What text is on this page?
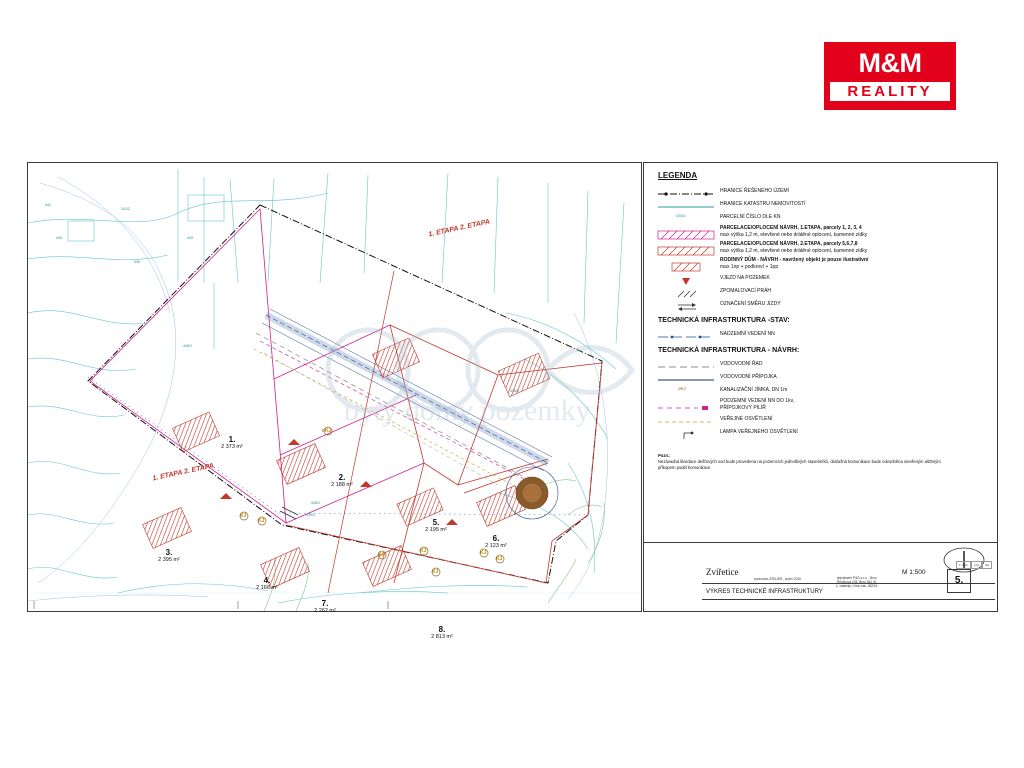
M&M
REALITY
1.
2 373 m²
2.
2 188 m²
3.
2 395 m²
4.
2 166 m²
5.
2 195 m²
6.
2 123 m²
7.
2 262 m²
8.
2 813 m²
1. ETAPA 2. ETAPA
1. ETAPA 2. ETAPA
KJ
KJ
oKJ
KJ
KJ	KJ
KJ
KJ
436/1
434/1
439
440
441
446/2
436/3
445
101/2
443
byty domy pozemky
LEGENDA
HRANICE ŘEŠENÉHO ÚZEMÍ
HRANICE KATASTRU NEMOVITOSTÍ
436/1	PARCELNÍ ČÍSLO DLE KN
PARCELACE/OPLOCENÍ NÁVRH, 1.ETAPA, parcely 1, 2, 3, 4
max výška 1,2 m, otevřené nebo drátěné oplocení, kamenné zídky
PARCELACE/OPLOCENÍ NÁVRH, 2.ETAPA, parcely 5,6,7,8
max výška 1,2 m, otevřené nebo drátěné oplocení, kamenné zídky
RODINNÝ DŮM - NÁVRH - navržený objekt je pouze ilustrativní
max 1np + podkroví + 1pp
VJEZD NA POZEMEK
ZPOMALOVACÍ PRÁH
OZNAČENÍ SMĚRU JÍZDY
TECHNICKÁ INFRASTRUKTURA -STAV:
NADZEMNÍ VEDENÍ NN
TECHNICKÁ INFRASTRUKTURA - NÁVRH:
VODOVODNÍ ŘAD
VODOVODNÍ PŘÍPOJKA
oKJ	KANALIZAČNÍ JÍMKA, DN 1m
PODZEMNÍ VEDENÍ NN DO 1kv,
PŘÍPOJKOVÝ PILÍŘ
VEŘEJNÉ OSVĚTLENÍ
LAMPA VEŘEJNÉHO OSVĚTLENÍ
Pozn.:
Nezávadná likvidace dešťových vod bude provedena na pozemcích jednotlivých stavebníků, obslužná komunikace bude odvodněna otevřeným ašrbným příkopem podél komunikace
Zvířetice	M 1:500
VÝKRES TECHNICKÉ INFRASTRUKTURY
zpracoval: ATELIÉR , srpen 2016	objednatel: P&S s.r.o. , Brno
Řezáčova 236, Brno 461 01
č. zakázky / číslo zak. 482/16
č. výkr.	příl.	list
5.
